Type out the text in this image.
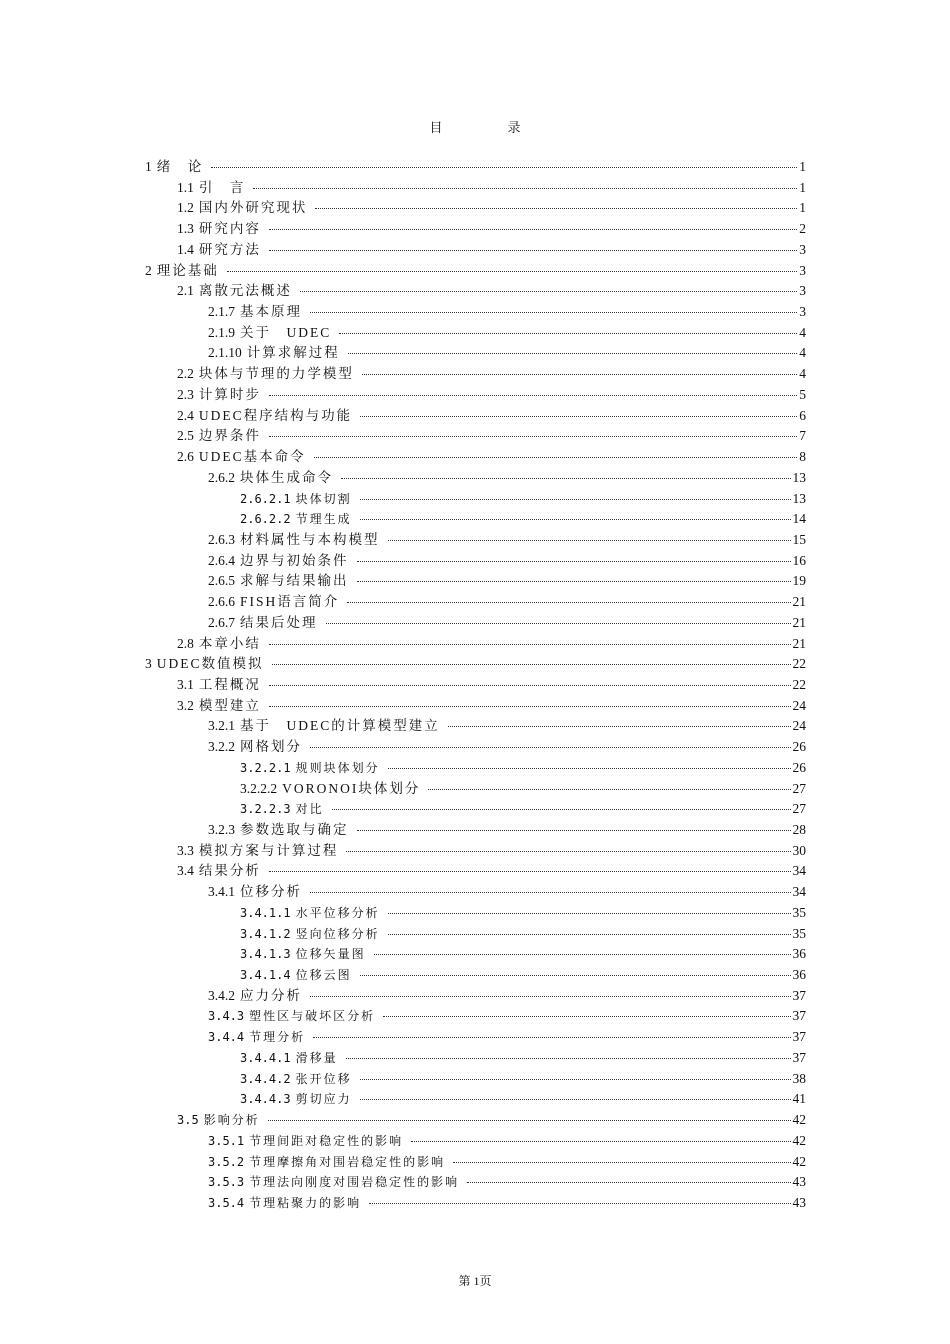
目　录
1 绪　论	1
1.1 引　言	1
1.2 国内外研究现状	1
1.3 研究内容	2
1.4 研究方法	3
2 理论基础	3
2.1 离散元法概述	3
2.1.7 基本原理	3
2.1.9 关于　UDEC	4
2.1.10 计算求解过程	4
2.2 块体与节理的力学模型	4
2.3 计算时步	5
2.4 UDEC程序结构与功能	6
2.5 边界条件	7
2.6 UDEC基本命令	8
2.6.2 块体生成命令	13
2.6.2.1 块体切割	13
2.6.2.2 节理生成	14
2.6.3 材料属性与本构模型	15
2.6.4 边界与初始条件	16
2.6.5 求解与结果输出	19
2.6.6 FISH语言简介	21
2.6.7 结果后处理	21
2.8 本章小结	21
3 UDEC数值模拟	22
3.1 工程概况	22
3.2 模型建立	24
3.2.1 基于　UDEC的计算模型建立	24
3.2.2 网格划分	26
3.2.2.1 规则块体划分	26
3.2.2.2 VORONOI块体划分	27
3.2.2.3 对比	27
3.2.3 参数选取与确定	28
3.3 模拟方案与计算过程	30
3.4 结果分析	34
3.4.1 位移分析	34
3.4.1.1 水平位移分析	35
3.4.1.2 竖向位移分析	35
3.4.1.3 位移矢量图	36
3.4.1.4 位移云图	36
3.4.2 应力分析	37
3.4.3 塑性区与破坏区分析	37
3.4.4 节理分析	37
3.4.4.1 滑移量	37
3.4.4.2 张开位移	38
3.4.4.3 剪切应力	41
3.5 影响分析	42
3.5.1 节理间距对稳定性的影响	42
3.5.2 节理摩擦角对围岩稳定性的影响	42
3.5.3 节理法向刚度对围岩稳定性的影响	43
3.5.4 节理粘聚力的影响	43
第 1页
